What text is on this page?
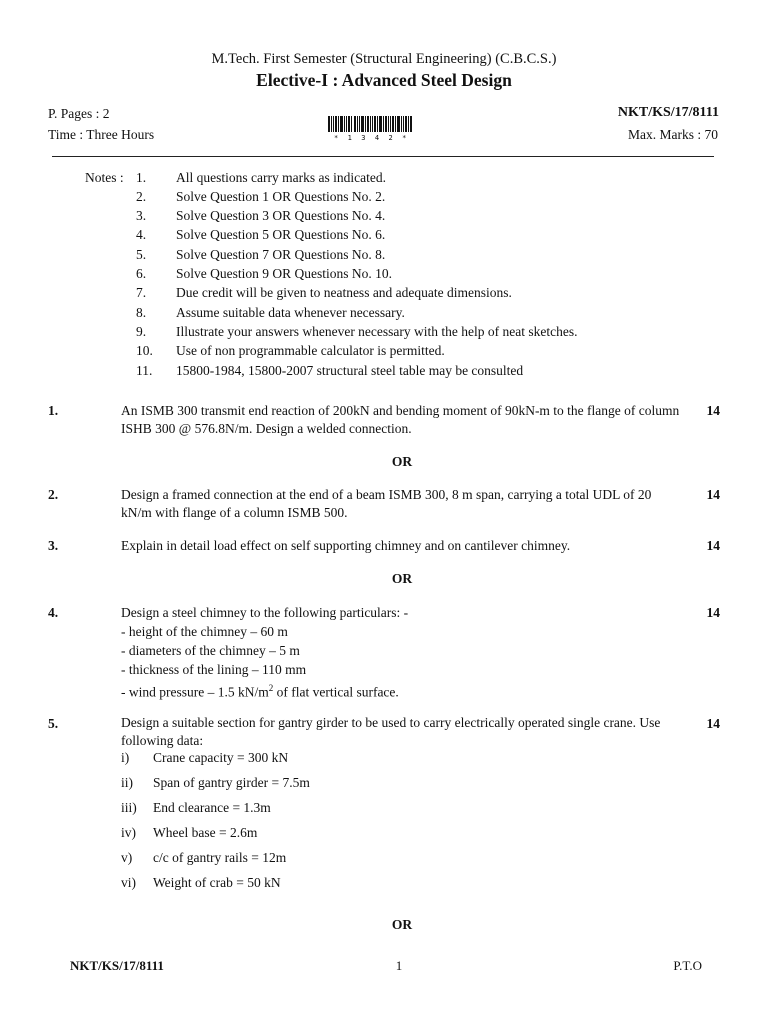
M.Tech. First Semester (Structural Engineering) (C.B.C.S.)
Elective-I : Advanced Steel Design
P. Pages : 2
Time : Three Hours
NKT/KS/17/8111
Max. Marks : 70
* 1 3 4 2 *
Notes : 1. All questions carry marks as indicated.
2. Solve Question 1 OR Questions No. 2.
3. Solve Question 3 OR Questions No. 4.
4. Solve Question 5 OR Questions No. 6.
5. Solve Question 7 OR Questions No. 8.
6. Solve Question 9 OR Questions No. 10.
7. Due credit will be given to neatness and adequate dimensions.
8. Assume suitable data whenever necessary.
9. Illustrate your answers whenever necessary with the help of neat sketches.
10. Use of non programmable calculator is permitted.
11. 15800-1984, 15800-2007 structural steel table may be consulted
1.	An ISMB 300 transmit end reaction of 200kN and bending moment of 90kN-m to the flange of column ISHB 300 @ 576.8N/m. Design a welded connection.
14
OR
2.	Design a framed connection at the end of a beam ISMB 300, 8 m span, carrying a total UDL of 20 kN/m with flange of a column ISMB 500.
14
3.	Explain in detail load effect on self supporting chimney and on cantilever chimney.	14
OR
4.	Design a steel chimney to the following particulars: -	14
- height of the chimney – 60 m
- diameters of the chimney – 5 m
- thickness of the lining – 110 mm
- wind pressure – 1.5 $kN/m^2$ of flat vertical surface.
5.	Design a suitable section for gantry girder to be used to carry electrically operated single crane. Use following data:
14
i) Crane capacity = 300 kN
ii) Span of gantry girder = 7.5m
iii) End clearance = 1.3m
iv) Wheel base = 2.6m
v) c/c of gantry rails = 12m
vi) Weight of crab = 50 kN
OR
NKT/KS/17/8111	1	P.T.O
